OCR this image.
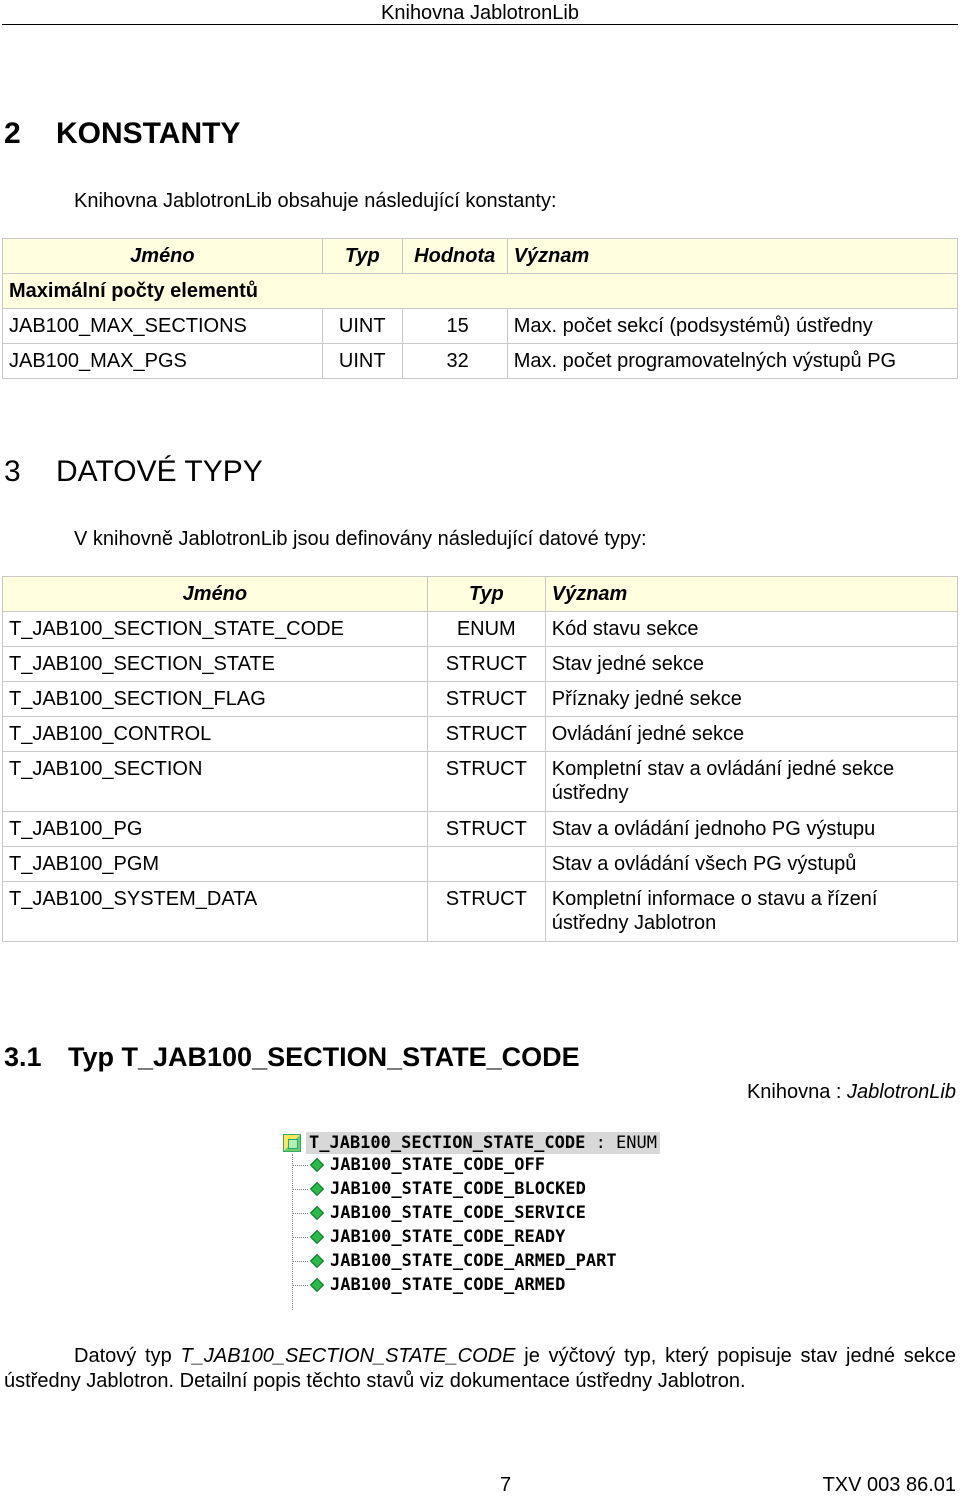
Knihovna JablotronLib
2 KONSTANTY
Knihovna JablotronLib obsahuje následující konstanty:
Jméno	Typ	Hodnota	Význam
Maximální počty elementů			
JAB100_MAX_SECTIONS	UINT	15	Max. počet sekcí (podsystémů) ústředny
JAB100_MAX_PGS	UINT	32	Max. počet programovatelných výstupů PG
3 DATOVÉ TYPY
V knihovně JablotronLib jsou definovány následující datové typy:
Jméno	Typ	Význam
T_JAB100_SECTION_STATE_CODE	ENUM	Kód stavu sekce
T_JAB100_SECTION_STATE	STRUCT	Stav jedné sekce
T_JAB100_SECTION_FLAG	STRUCT	Příznaky jedné sekce
T_JAB100_CONTROL	STRUCT	Ovládání jedné sekce
T_JAB100_SECTION	STRUCT	Kompletní stav a ovládání jedné sekce ústředny
T_JAB100_PG	STRUCT	Stav a ovládání jednoho PG výstupu
T_JAB100_PGM		Stav a ovládání všech PG výstupů
T_JAB100_SYSTEM_DATA	STRUCT	Kompletní informace o stavu a řízení ústředny Jablotron
3.1 Typ T_JAB100_SECTION_STATE_CODE
Knihovna : JablotronLib
T_JAB100_SECTION_STATE_CODE : ENUM
JAB100_STATE_CODE_OFF
JAB100_STATE_CODE_BLOCKED
JAB100_STATE_CODE_SERVICE
JAB100_STATE_CODE_READY
JAB100_STATE_CODE_ARMED_PART
JAB100_STATE_CODE_ARMED
Datový typ T_JAB100_SECTION_STATE_CODE je výčtový typ, který popisuje stav jedné sekce ústředny Jablotron. Detailní popis těchto stavů viz dokumentace ústředny Jablotron.
7	TXV 003 86.01
